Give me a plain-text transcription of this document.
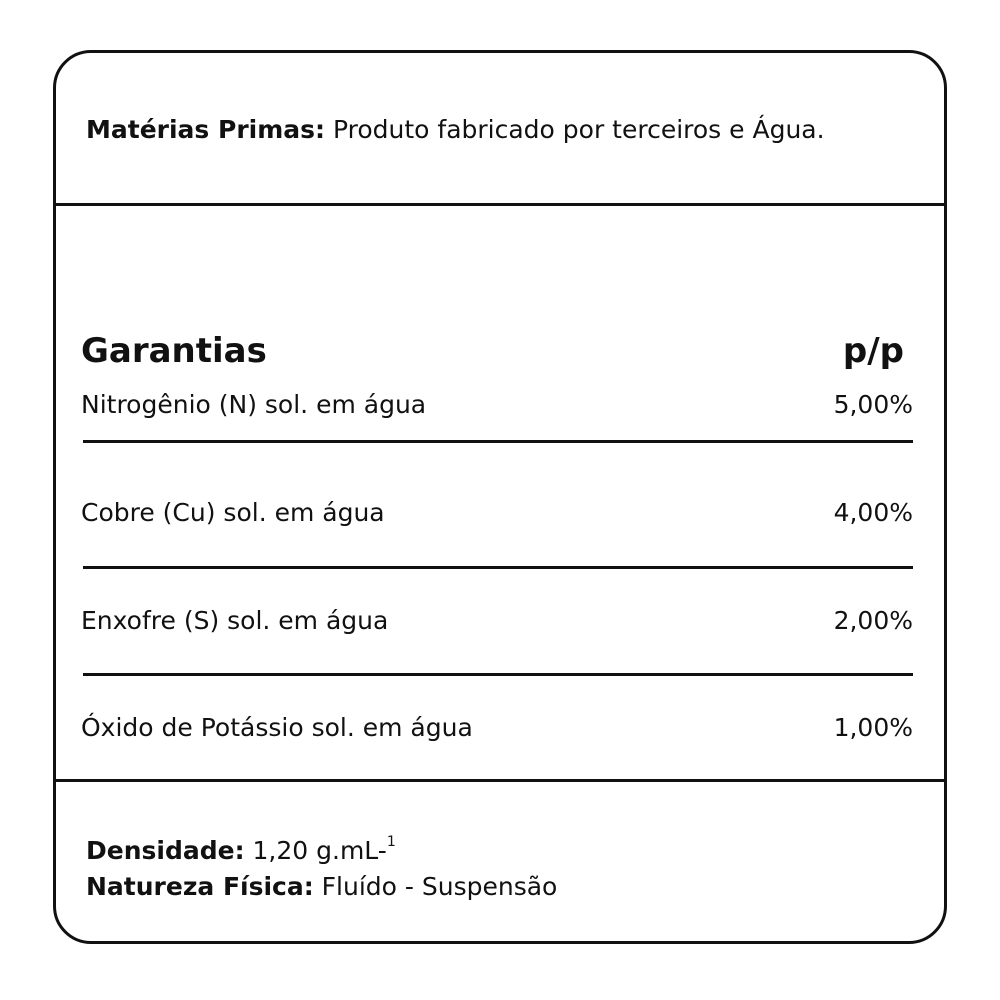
Matérias Primas: Produto fabricado por terceiros e Água.
Garantias	p/p
Nitrogênio (N) sol. em água	5,00%
Cobre (Cu) sol. em água	4,00%
Enxofre (S) sol. em água	2,00%
Óxido de Potássio sol. em água	1,00%
Densidade: 1,20 g.mL-$^1$
Natureza Física: Fluído - Suspensão
